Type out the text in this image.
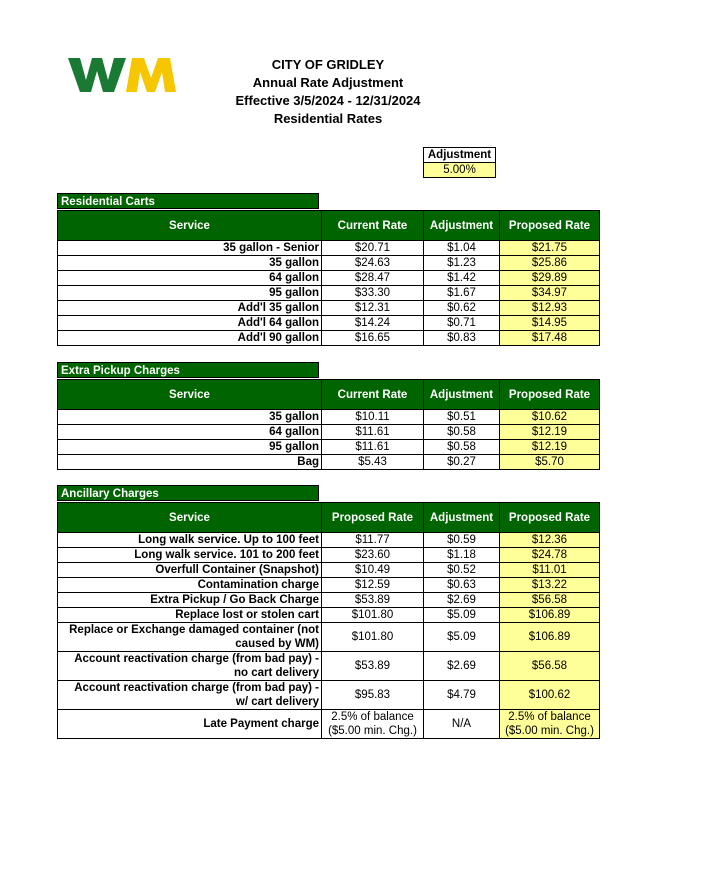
CITY OF GRIDLEY
Annual Rate Adjustment
Effective 3/5/2024 - 12/31/2024
Residential Rates
Adjustment
5.00%
Residential Carts
Service	Current Rate	Adjustment	Proposed Rate
35 gallon - Senior	$20.71	$1.04	$21.75
35 gallon	$24.63	$1.23	$25.86
64 gallon	$28.47	$1.42	$29.89
95 gallon	$33.30	$1.67	$34.97
Add'l 35 gallon	$12.31	$0.62	$12.93
Add'l 64 gallon	$14.24	$0.71	$14.95
Add'l 90 gallon	$16.65	$0.83	$17.48
Extra Pickup Charges
Service	Current Rate	Adjustment	Proposed Rate
35 gallon	$10.11	$0.51	$10.62
64 gallon	$11.61	$0.58	$12.19
95 gallon	$11.61	$0.58	$12.19
Bag	$5.43	$0.27	$5.70
Ancillary Charges
Service	Proposed Rate	Adjustment	Proposed Rate
Long walk service. Up to 100 feet	$11.77	$0.59	$12.36
Long walk service. 101 to 200 feet	$23.60	$1.18	$24.78
Overfull Container (Snapshot)	$10.49	$0.52	$11.01
Contamination charge	$12.59	$0.63	$13.22
Extra Pickup / Go Back Charge	$53.89	$2.69	$56.58
Replace lost or stolen cart	$101.80	$5.09	$106.89
Replace or Exchange damaged container (not caused by WM)	$101.80	$5.09	$106.89
Account reactivation charge (from bad pay) - no cart delivery	$53.89	$2.69	$56.58
Account reactivation charge (from bad pay) - w/ cart delivery	$95.83	$4.79	$100.62
Late Payment charge	2.5% of balance ($5.00 min. Chg.)	N/A	2.5% of balance ($5.00 min. Chg.)
